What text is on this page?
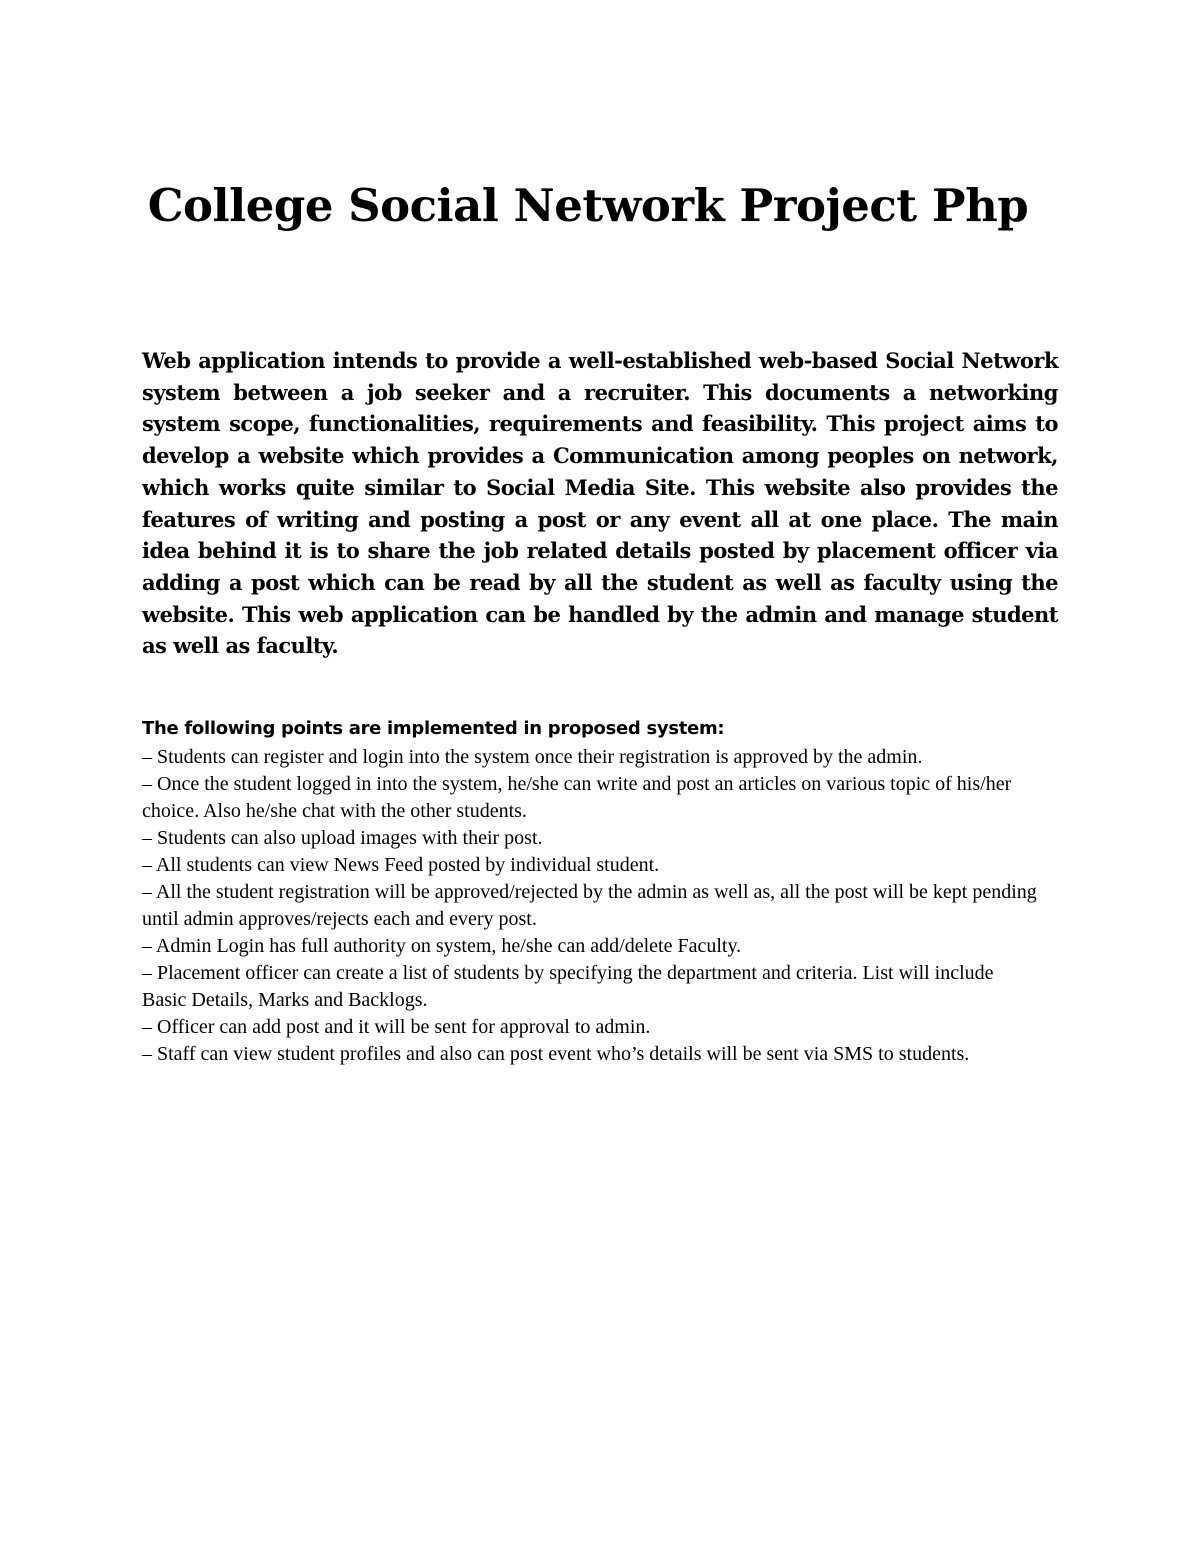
College Social Network Project Php

Web application intends to provide a well-established web-based Social Network system between a job seeker and a recruiter. This documents a networking system scope, functionalities, requirements and feasibility. This project aims to develop a website which provides a Communication among peoples on network, which works quite similar to Social Media Site. This website also provides the features of writing and posting a post or any event all at one place. The main idea behind it is to share the job related details posted by placement officer via adding a post which can be read by all the student as well as faculty using the website. This web application can be handled by the admin and manage student as well as faculty.

The following points are implemented in proposed system:

– Students can register and login into the system once their registration is approved by the admin.
– Once the student logged in into the system, he/she can write and post an articles on various topic of his/her choice. Also he/she chat with the other students.
– Students can also upload images with their post.
– All students can view News Feed posted by individual student.
– All the student registration will be approved/rejected by the admin as well as, all the post will be kept pending until admin approves/rejects each and every post.
– Admin Login has full authority on system, he/she can add/delete Faculty.
– Placement officer can create a list of students by specifying the department and criteria. List will include Basic Details, Marks and Backlogs.
– Officer can add post and it will be sent for approval to admin.
– Staff can view student profiles and also can post event who’s details will be sent via SMS to students.
